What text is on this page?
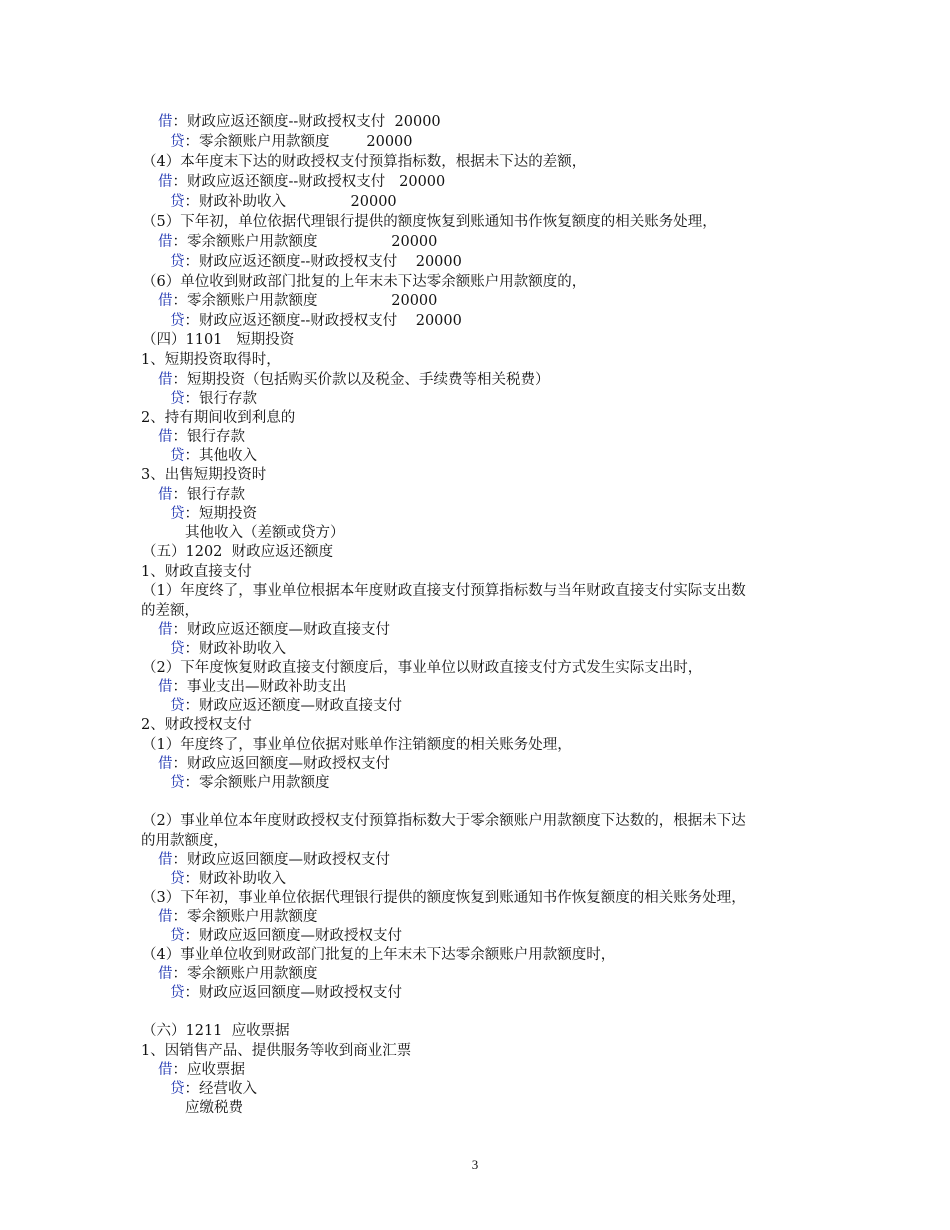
借：财政应返还额度--财政授权支付  20000
贷：零余额账户用款额度        20000
（4）本年度末下达的财政授权支付预算指标数，根据未下达的差额，
借：财政应返还额度--财政授权支付   20000
贷：财政补助收入              20000
（5）下年初，单位依据代理银行提供的额度恢复到账通知书作恢复额度的相关账务处理，
借：零余额账户用款额度                20000
贷：财政应返还额度--财政授权支付    20000
（6）单位收到财政部门批复的上年末未下达零余额账户用款额度的，
借：零余额账户用款额度                20000
贷：财政应返还额度--财政授权支付    20000
（四）1101   短期投资
1、短期投资取得时，
借：短期投资（包括购买价款以及税金、手续费等相关税费）
贷：银行存款
2、持有期间收到利息的
借：银行存款
贷：其他收入
3、出售短期投资时
借：银行存款
贷：短期投资
其他收入（差额或贷方）
（五）1202  财政应返还额度
1、财政直接支付
（1）年度终了，事业单位根据本年度财政直接支付预算指标数与当年财政直接支付实际支出数
的差额，
借：财政应返还额度—财政直接支付
贷：财政补助收入
（2）下年度恢复财政直接支付额度后，事业单位以财政直接支付方式发生实际支出时，
借：事业支出—财政补助支出
贷：财政应返还额度—财政直接支付
2、财政授权支付
（1）年度终了，事业单位依据对账单作注销额度的相关账务处理，
借：财政应返回额度—财政授权支付
贷：零余额账户用款额度
（2）事业单位本年度财政授权支付预算指标数大于零余额账户用款额度下达数的，根据未下达
的用款额度，
借：财政应返回额度—财政授权支付
贷：财政补助收入
（3）下年初，事业单位依据代理银行提供的额度恢复到账通知书作恢复额度的相关账务处理，
借：零余额账户用款额度
贷：财政应返回额度—财政授权支付
（4）事业单位收到财政部门批复的上年末未下达零余额账户用款额度时，
借：零余额账户用款额度
贷：财政应返回额度—财政授权支付
（六）1211  应收票据
1、因销售产品、提供服务等收到商业汇票
借：应收票据
贷：经营收入
应缴税费
3
